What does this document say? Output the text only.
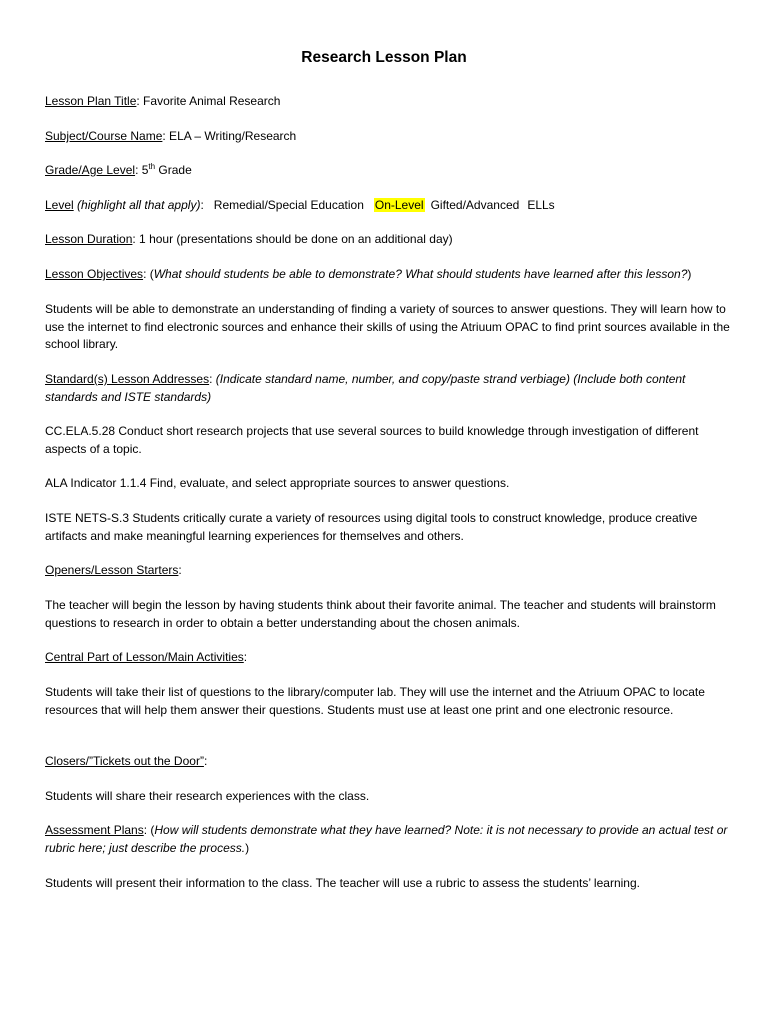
Research Lesson Plan

Lesson Plan Title: Favorite Animal Research

Subject/Course Name: ELA – Writing/Research

Grade/Age Level: 5th Grade

Level (highlight all that apply): Remedial/Special Education On-Level Gifted/Advanced ELLs

Lesson Duration: 1 hour (presentations should be done on an additional day)

Lesson Objectives: (What should students be able to demonstrate? What should students have learned after this lesson?)

Students will be able to demonstrate an understanding of finding a variety of sources to answer questions. They will learn how to use the internet to find electronic sources and enhance their skills of using the Atriuum OPAC to find print sources available in the school library.

Standard(s) Lesson Addresses: (Indicate standard name, number, and copy/paste strand verbiage) (Include both content standards and ISTE standards)

CC.ELA.5.28 Conduct short research projects that use several sources to build knowledge through investigation of different aspects of a topic.

ALA Indicator 1.1.4 Find, evaluate, and select appropriate sources to answer questions.

ISTE NETS-S.3 Students critically curate a variety of resources using digital tools to construct knowledge, produce creative artifacts and make meaningful learning experiences for themselves and others.

Openers/Lesson Starters:

The teacher will begin the lesson by having students think about their favorite animal. The teacher and students will brainstorm questions to research in order to obtain a better understanding about the chosen animals.

Central Part of Lesson/Main Activities:

Students will take their list of questions to the library/computer lab. They will use the internet and the Atriuum OPAC to locate resources that will help them answer their questions. Students must use at least one print and one electronic resource.

Closers/”Tickets out the Door”:

Students will share their research experiences with the class.

Assessment Plans: (How will students demonstrate what they have learned? Note: it is not necessary to provide an actual test or rubric here; just describe the process.)

Students will present their information to the class. The teacher will use a rubric to assess the students’ learning.
